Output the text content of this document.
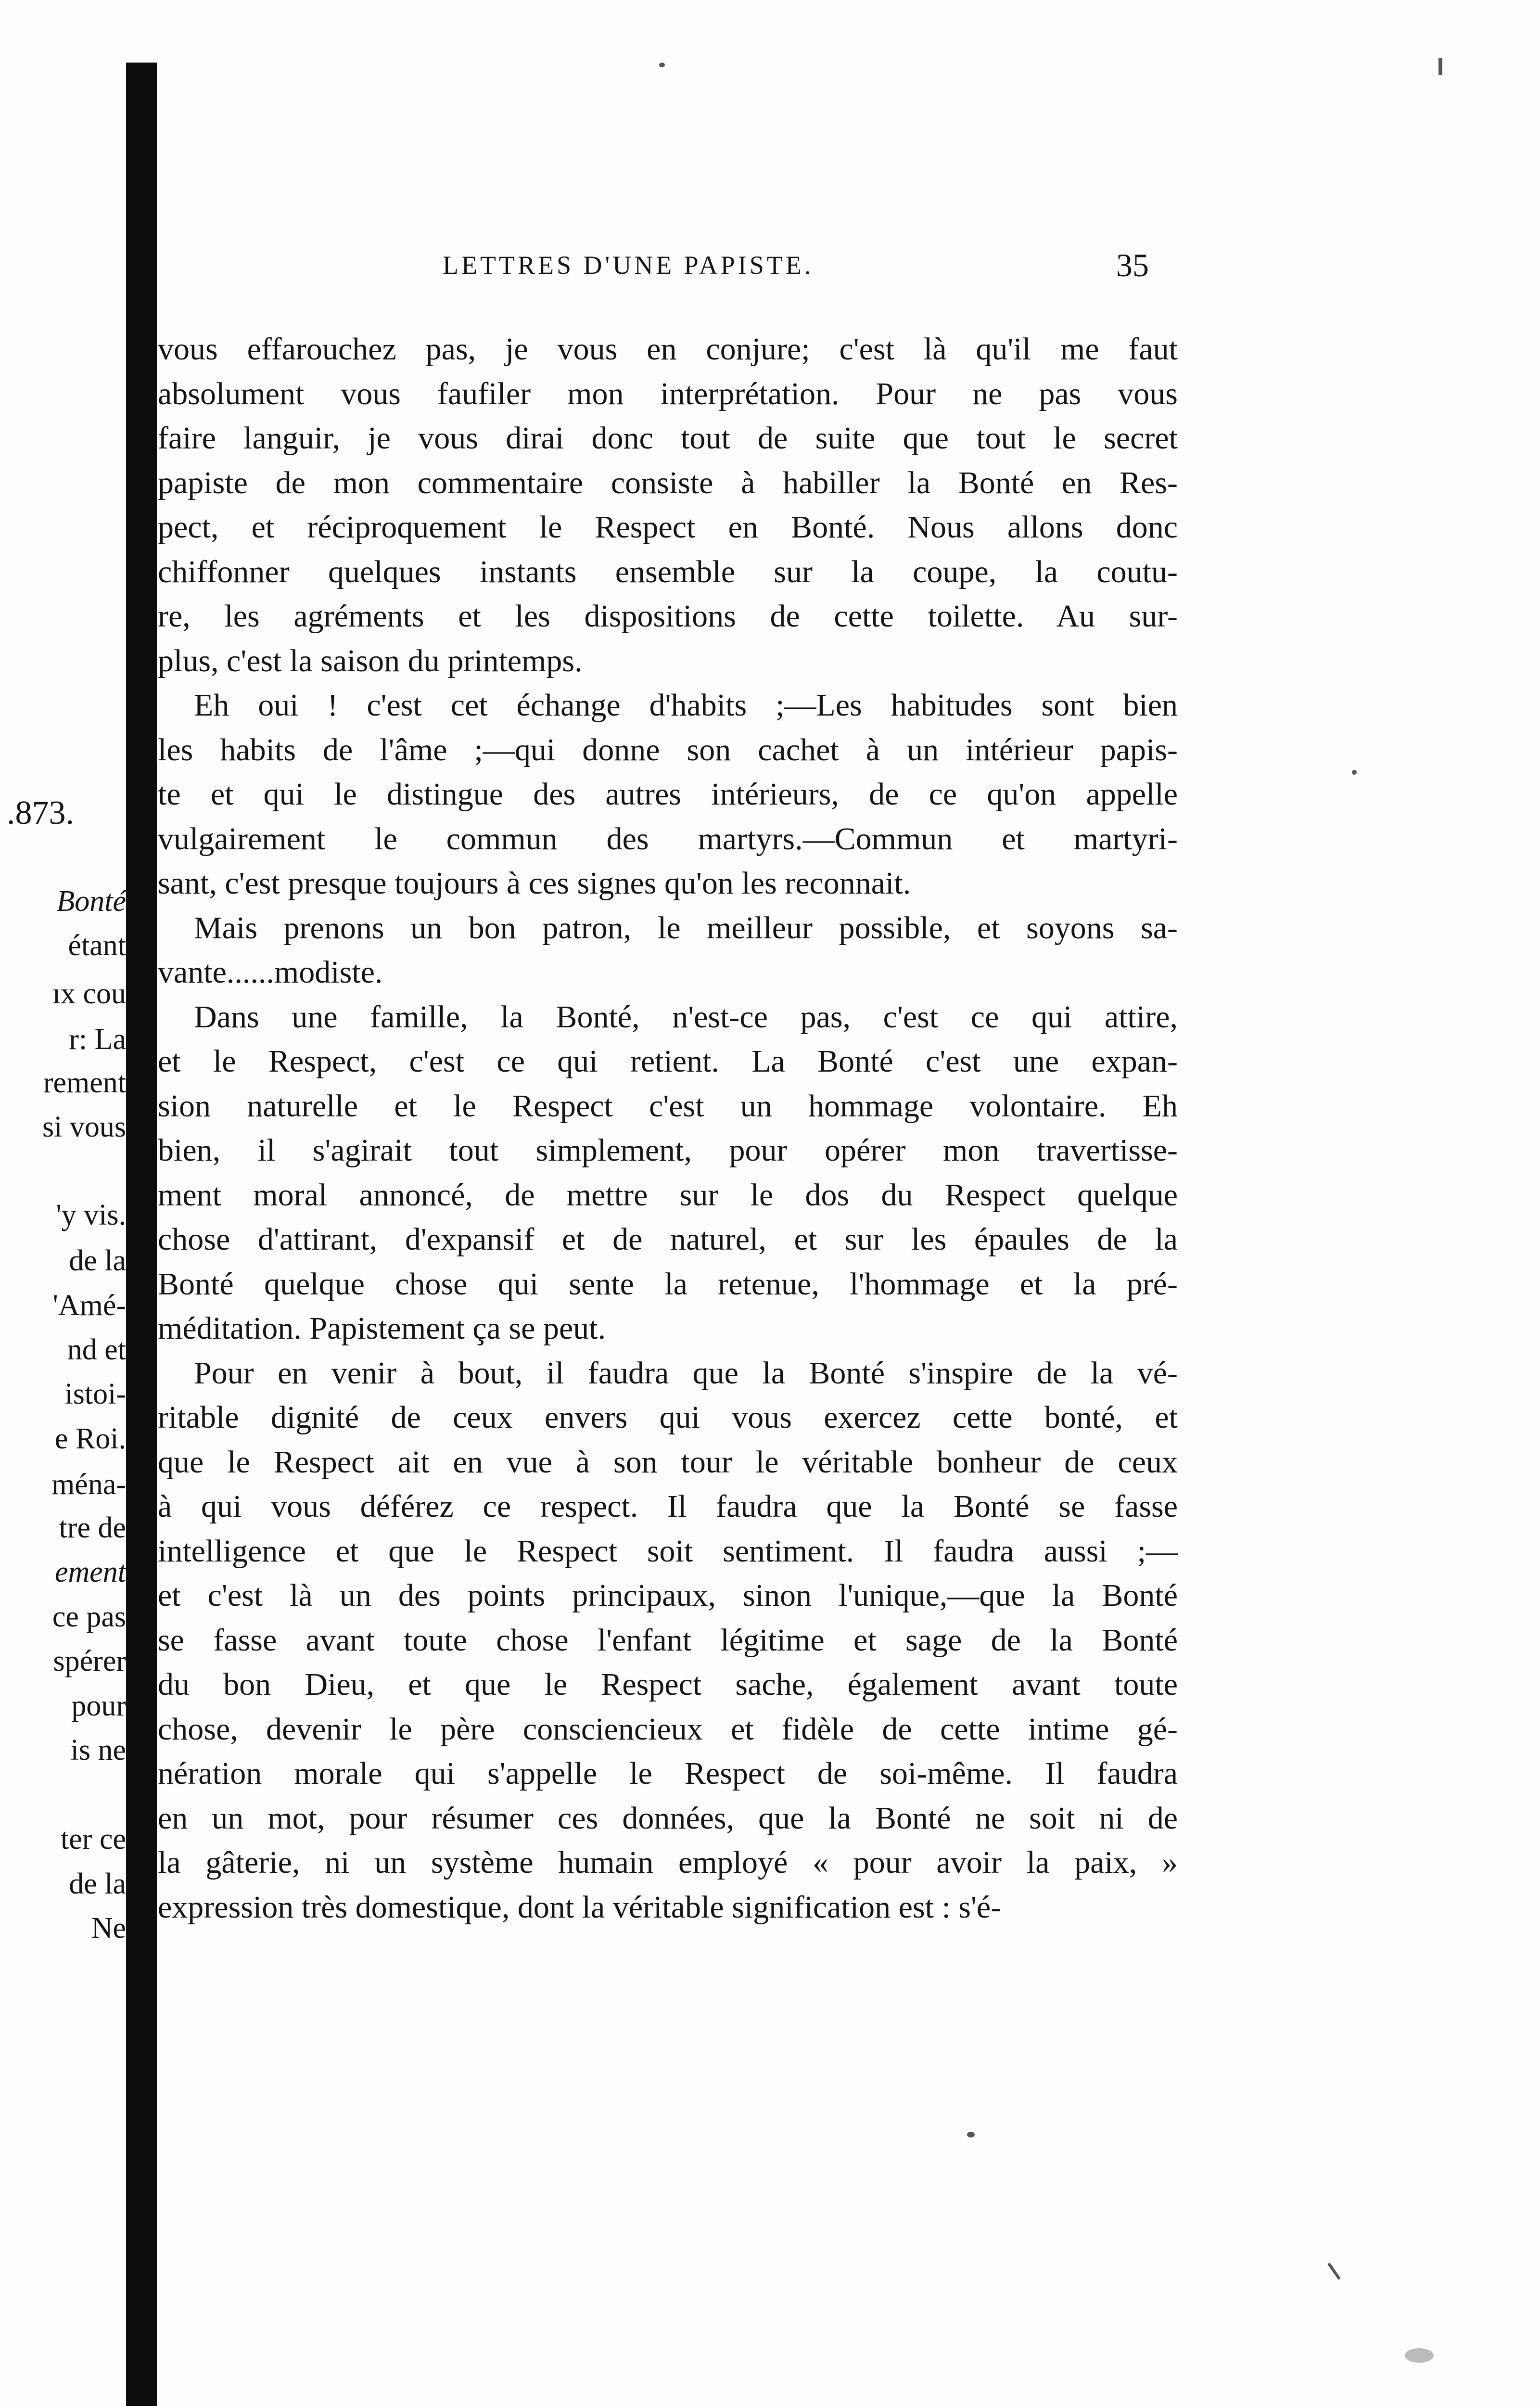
.873.
Bonté
étant
ıx cou
r: La
rement
si vous
'y vis.
de la
'Amé-
nd et
istoi-
e Roi.
ména-
tre de
ement
ce pas
spérer
pour
is ne
ter ce
de la
Ne
LETTRES D'UNE PAPISTE.	35
vous effarouchez pas, je vous en conjure; c'est là qu'il me faut
absolument vous faufiler mon interprétation. Pour ne pas vous
faire languir, je vous dirai donc tout de suite que tout le secret
papiste de mon commentaire consiste à habiller la Bonté en Res-
pect, et réciproquement le Respect en Bonté. Nous allons donc
chiffonner quelques instants ensemble sur la coupe, la coutu-
re, les agréments et les dispositions de cette toilette. Au sur-
plus, c'est la saison du printemps.
Eh oui ! c'est cet échange d'habits ;—Les habitudes sont bien
les habits de l'âme ;—qui donne son cachet à un intérieur papis-
te et qui le distingue des autres intérieurs, de ce qu'on appelle
vulgairement le commun des martyrs.—Commun et martyri-
sant, c'est presque toujours à ces signes qu'on les reconnait.
Mais prenons un bon patron, le meilleur possible, et soyons sa-
vante......modiste.
Dans une famille, la Bonté, n'est-ce pas, c'est ce qui attire,
et le Respect, c'est ce qui retient. La Bonté c'est une expan-
sion naturelle et le Respect c'est un hommage volontaire. Eh
bien, il s'agirait tout simplement, pour opérer mon travertisse-
ment moral annoncé, de mettre sur le dos du Respect quelque
chose d'attirant, d'expansif et de naturel, et sur les épaules de la
Bonté quelque chose qui sente la retenue, l'hommage et la pré-
méditation. Papistement ça se peut.
Pour en venir à bout, il faudra que la Bonté s'inspire de la vé-
ritable dignité de ceux envers qui vous exercez cette bonté, et
que le Respect ait en vue à son tour le véritable bonheur de ceux
à qui vous déférez ce respect. Il faudra que la Bonté se fasse
intelligence et que le Respect soit sentiment. Il faudra aussi ;—
et c'est là un des points principaux, sinon l'unique,—que la Bonté
se fasse avant toute chose l'enfant légitime et sage de la Bonté
du bon Dieu, et que le Respect sache, également avant toute
chose, devenir le père consciencieux et fidèle de cette intime gé-
nération morale qui s'appelle le Respect de soi-même. Il faudra
en un mot, pour résumer ces données, que la Bonté ne soit ni de
la gâterie, ni un système humain employé « pour avoir la paix, »
expression très domestique, dont la véritable signification est : s'é-
